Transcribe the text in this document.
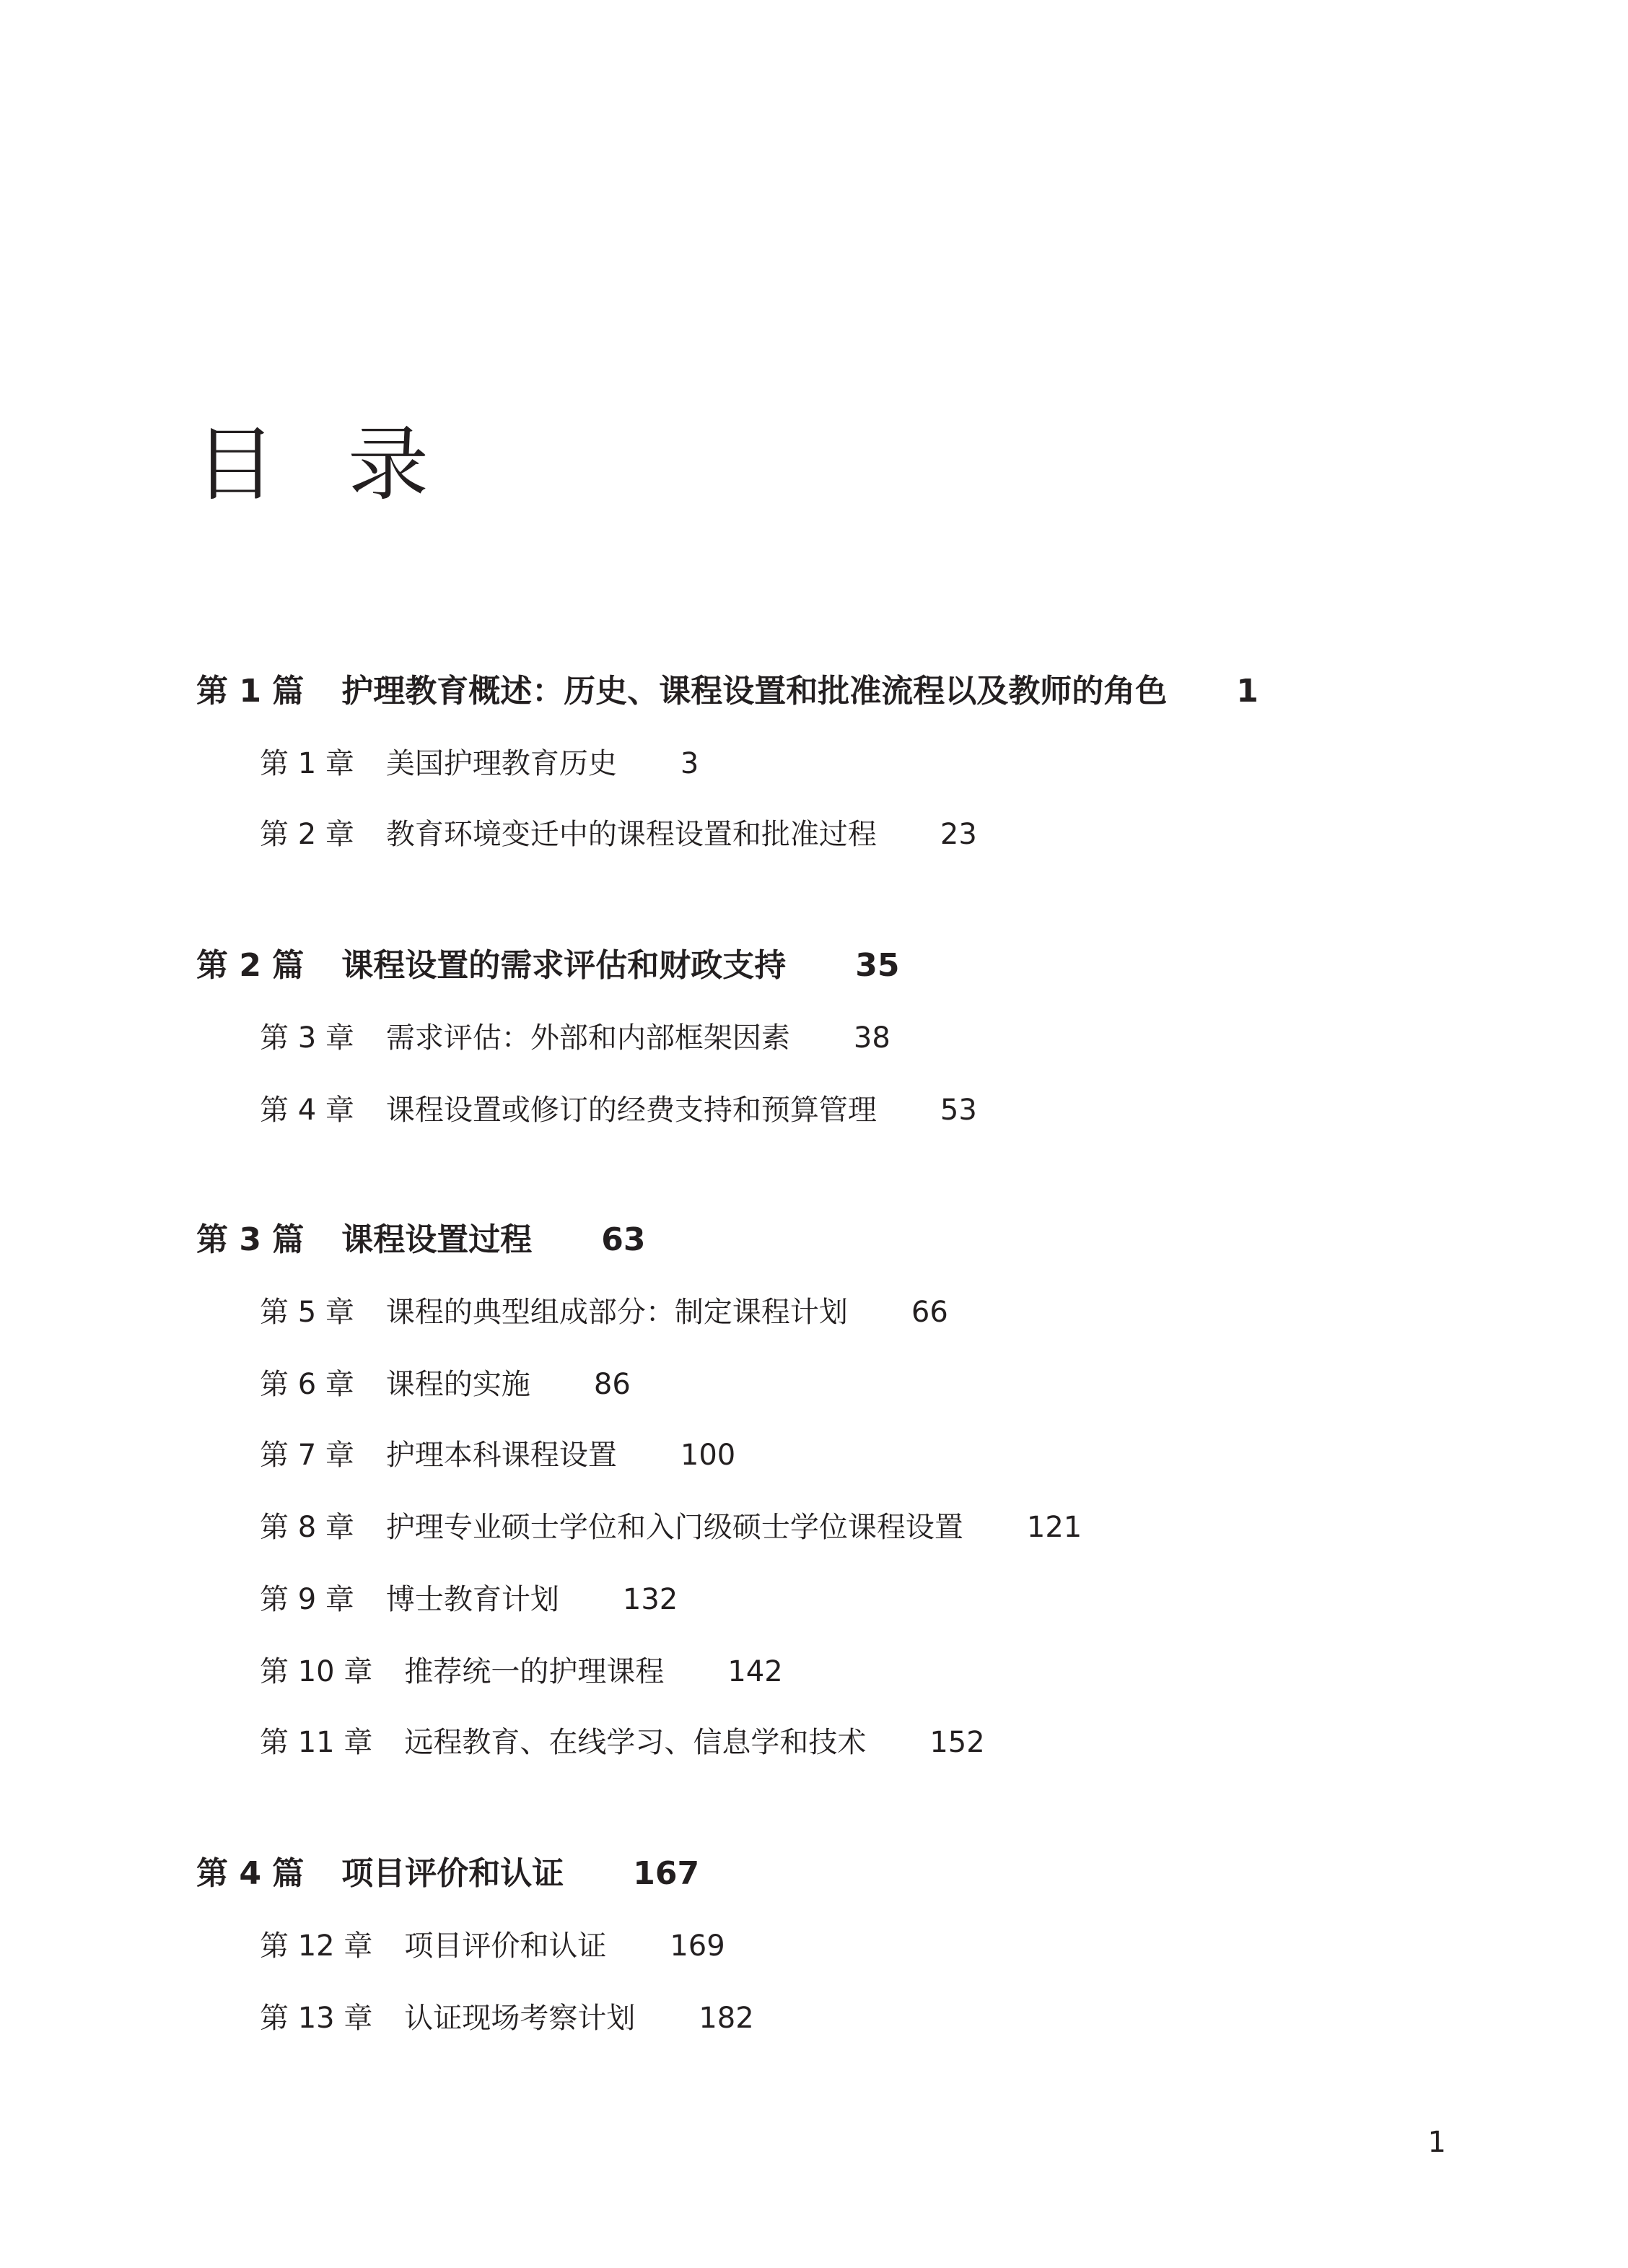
目 录
第 1 篇 护理教育概述：历史、课程设置和批准流程以及教师的角色 1
第 1 章 美国护理教育历史 3
第 2 章 教育环境变迁中的课程设置和批准过程 23
第 2 篇 课程设置的需求评估和财政支持 35
第 3 章 需求评估：外部和内部框架因素 38
第 4 章 课程设置或修订的经费支持和预算管理 53
第 3 篇 课程设置过程 63
第 5 章 课程的典型组成部分：制定课程计划 66
第 6 章 课程的实施 86
第 7 章 护理本科课程设置 100
第 8 章 护理专业硕士学位和入门级硕士学位课程设置 121
第 9 章 博士教育计划 132
第 10 章 推荐统一的护理课程 142
第 11 章 远程教育、在线学习、信息学和技术 152
第 4 篇 项目评价和认证 167
第 12 章 项目评价和认证 169
第 13 章 认证现场考察计划 182
1
